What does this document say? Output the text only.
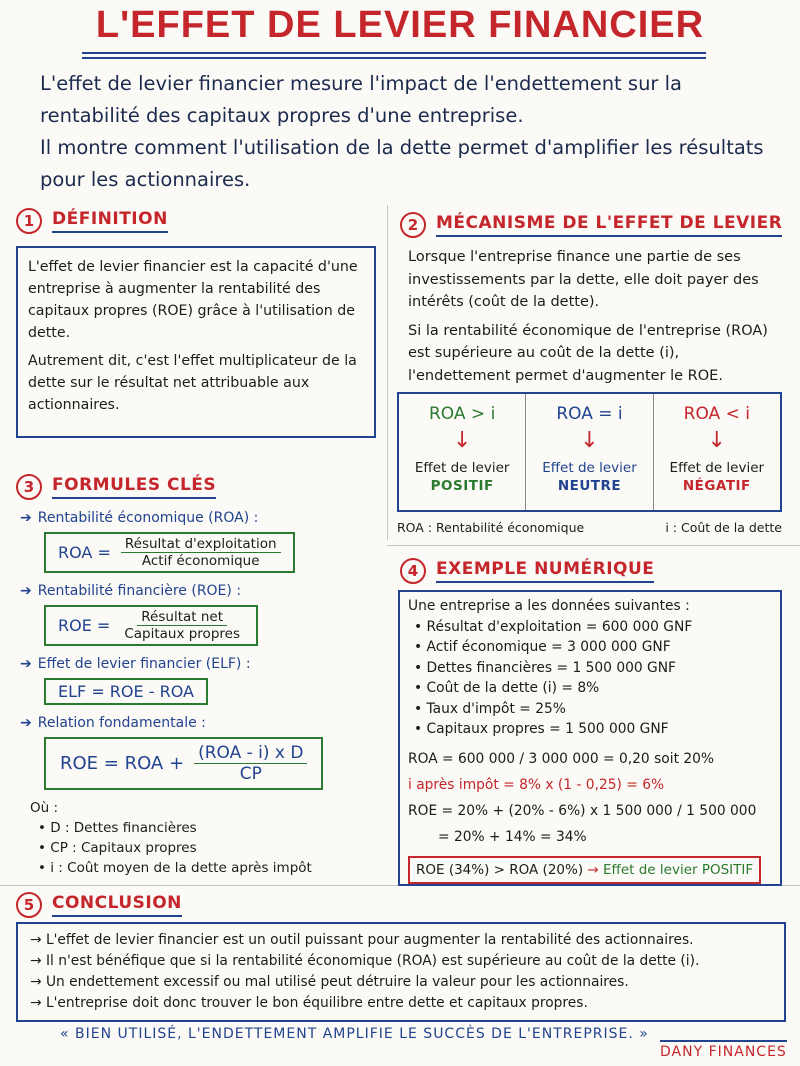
L'EFFET DE LEVIER FINANCIER

L'effet de levier financier mesure l'impact de l'endettement sur la rentabilité des capitaux propres d'une entreprise.

Il montre comment l'utilisation de la dette permet d'amplifier les résultats pour les actionnaires.

1	DÉFINITION

L'effet de levier financier est la capacité d'une entreprise à augmenter la rentabilité des capitaux propres (ROE) grâce à l'utilisation de dette.

Autrement dit, c'est l'effet multiplicateur de la dette sur le résultat net attribuable aux actionnaires.

2	MÉCANISME DE L'EFFET DE LEVIER

Lorsque l'entreprise finance une partie de ses investissements par la dette, elle doit payer des intérêts (coût de la dette).

Si la rentabilité économique de l'entreprise (ROA) est supérieure au coût de la dette (i), l'endettement permet d'augmenter le ROE.

ROA > i
↓
Effet de levier
POSITIF
ROA = i
↓
Effet de levier
NEUTRE
ROA < i
↓
Effet de levier
NÉGATIF
ROA : Rentabilité économique	i : Coût de la dette
3	FORMULES CLÉS
➔ Rentabilité économique (ROA) :
ROA = $\frac{\text{Résultat d'exploitation}}{\text{Actif économique}}$
➔ Rentabilité financière (ROE) :
ROE = $\frac{\text{Résultat net}}{\text{Capitaux propres}}$
➔ Effet de levier financier (ELF) :
ELF = ROE - ROA
➔ Relation fondamentale :
ROE = ROA + $\frac{\text{(ROA - i) x D}}{CP}$
Où :
• D : Dettes financières
• CP : Capitaux propres
• i : Coût moyen de la dette après impôt
4	EXEMPLE NUMÉRIQUE
Une entreprise a les données suivantes :
• Résultat d'exploitation = 600 000 GNF
• Actif économique = 3 000 000 GNF
• Dettes financières = 1 500 000 GNF
• Coût de la dette (i) = 8%
• Taux d'impôt = 25%
• Capitaux propres = 1 500 000 GNF
ROA = 600 000 / 3 000 000 = 0,20 soit 20%
i après impôt = 8% x (1 - 0,25) = 6%
ROE = 20% + (20% - 6%) x 1 500 000 / 1 500 000
= 20% + 14% = 34%
ROE (34%) > ROA (20%) → Effet de levier POSITIF
5	CONCLUSION
→ L'effet de levier financier est un outil puissant pour augmenter la rentabilité des actionnaires.
→ Il n'est bénéfique que si la rentabilité économique (ROA) est supérieure au coût de la dette (i).
→ Un endettement excessif ou mal utilisé peut détruire la valeur pour les actionnaires.
→ L'entreprise doit donc trouver le bon équilibre entre dette et capitaux propres.
« BIEN UTILISÉ, L'ENDETTEMENT AMPLIFIE LE SUCCÈS DE L'ENTREPRISE. »
DANY FINANCES
